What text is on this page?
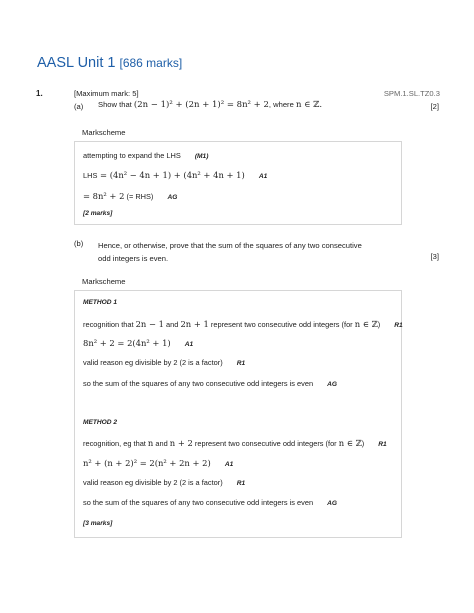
AASL Unit 1 [686 marks]
1.	[Maximum mark: 5]	SPM.1.SL.TZ0.3
(a) Show that (2n − 1)² + (2n + 1)² = 8n² + 2, where n ∈ ℤ.	[2]
Markscheme
attempting to expand the LHS (M1)
LHS = (4n² − 4n + 1) + (4n² + 4n + 1) A1
= 8n² + 2 (= RHS) AG
[2 marks]
(b) Hence, or otherwise, prove that the sum of the squares of any two consecutive odd integers is even.	[3]
Markscheme
METHOD 1
recognition that 2n − 1 and 2n + 1 represent two consecutive odd integers (for n ∈ ℤ) R1
8n² + 2 = 2(4n² + 1) A1
valid reason eg divisible by 2 (2 is a factor) R1
so the sum of the squares of any two consecutive odd integers is even AG
METHOD 2
recognition, eg that n and n + 2 represent two consecutive odd integers (for n ∈ ℤ) R1
n² + (n + 2)² = 2(n² + 2n + 2) A1
valid reason eg divisible by 2 (2 is a factor) R1
so the sum of the squares of any two consecutive odd integers is even AG
[3 marks]
